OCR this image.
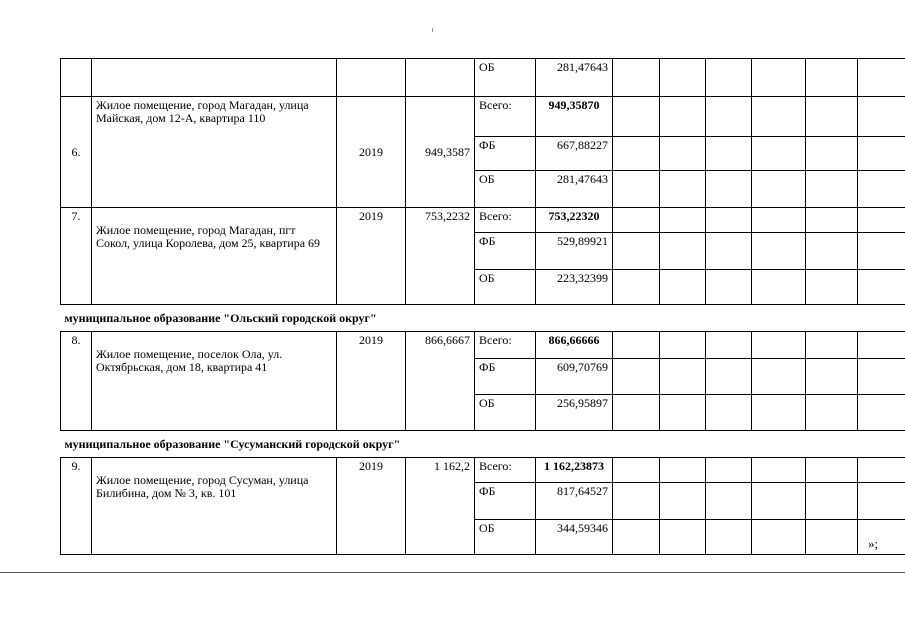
				ОБ	281,47643						
6.	Жилое помещение, город Магадан, улица Майская, дом 12-А, квартира 110	2019	949,3587	Всего:	949,35870						
				ФБ	667,88227						
				ОБ	281,47643						
7.	Жилое помещение, город Магадан, пгт Сокол, улица Королева, дом 25, квартира 69	2019	753,2232	Всего:	753,22320						
				ФБ	529,89921						
				ОБ	223,32399						
муниципальное образование "Ольский городской округ"											
8.	Жилое помещение, поселок Ола, ул. Октябрьская, дом 18, квартира 41	2019	866,6667	Всего:	866,66666						
				ФБ	609,70769						
				ОБ	256,95897						
муниципальное образование "Сусуманский городской округ"											
9.	Жилое помещение, город Сусуман, улица Билибина, дом № 3, кв. 101	2019	1 162,2	Всего:	1 162,23873						
				ФБ	817,64527						
				ОБ	344,59346						
»;
